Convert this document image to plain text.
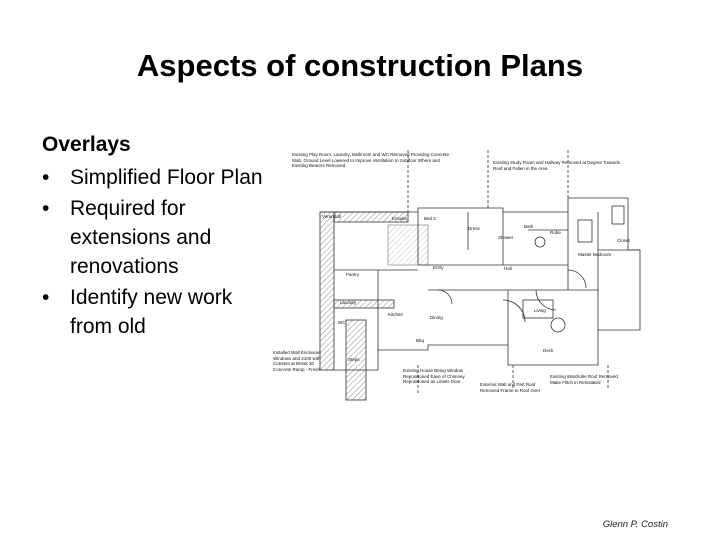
Aspects of construction Plans
Overlays
• Simplified Floor Plan
• Required for extensions and renovations
• Identify new work from old
Existing Play Room, Laundry, Bathroom and WC Removed Providing Concrete Slab. Ground Level Lowered to Improve Ventilation to Subfloor Where and Existing Bearers Removed.
Existing Study Room and Hallway Removed at Degree Towards Roof and Fallen in the Area
Installed Wall Enclosure Windows and 2100 with Consent at Break 30 Concrete Ramp - Fresh	Existing House Being Window Repositioned Eave of Chimney Repositioned as Lintels Door.
External Wall and Part Roof Removed Frame to Roof Over
Existing Wardrobe Roof Removed Make Flitch in Reinstated
Verandah	Ensuite	Bed 2
Dress	Bath
Shower
Robe
Closet
Master Bedroom
Entry	Hall
Pantry
Laundry
WC
Kitchen
Dining
Living
Bbq
Deck
Steps
Glenn P. Costin
